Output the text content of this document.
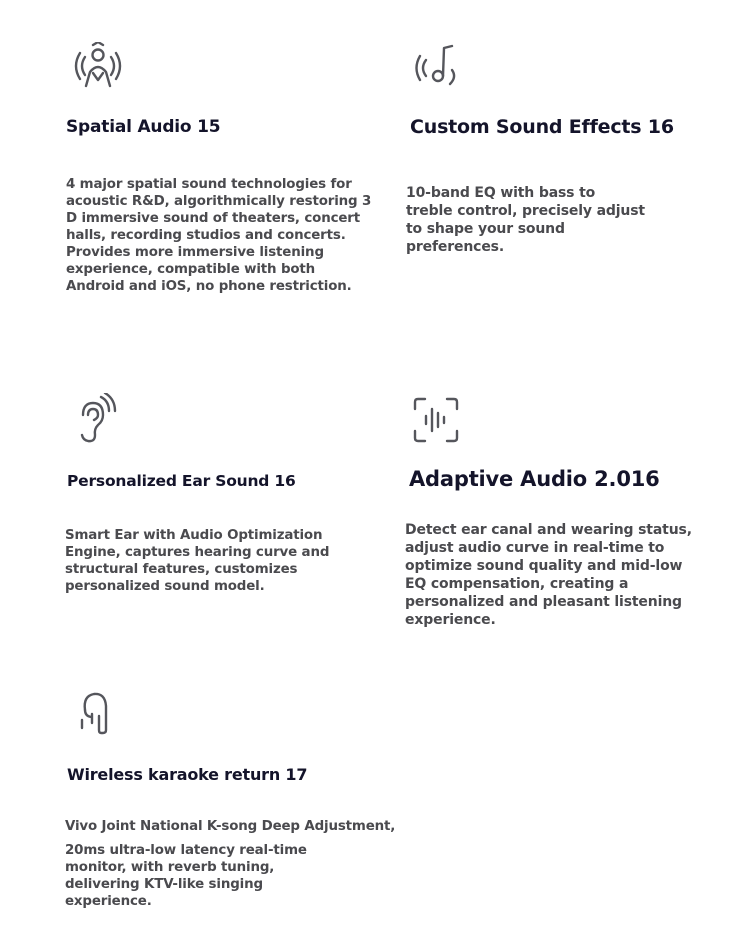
Spatial Audio 15
4 major spatial sound technologies for
acoustic R&D, algorithmically restoring 3
D immersive sound of theaters, concert
halls, recording studios and concerts.
Provides more immersive listening
experience, compatible with both
Android and iOS, no phone restriction.
Custom Sound Effects 16
10-band EQ with bass to
treble control, precisely adjust
to shape your sound
preferences.
Personalized Ear Sound 16
Smart Ear with Audio Optimization
Engine, captures hearing curve and
structural features, customizes
personalized sound model.
Adaptive Audio 2.016
Detect ear canal and wearing status,
adjust audio curve in real-time to
optimize sound quality and mid-low
EQ compensation, creating a
personalized and pleasant listening
experience.
Wireless karaoke return 17
Vivo Joint National K-song Deep Adjustment,
20ms ultra-low latency real-time
monitor, with reverb tuning,
delivering KTV-like singing
experience.
